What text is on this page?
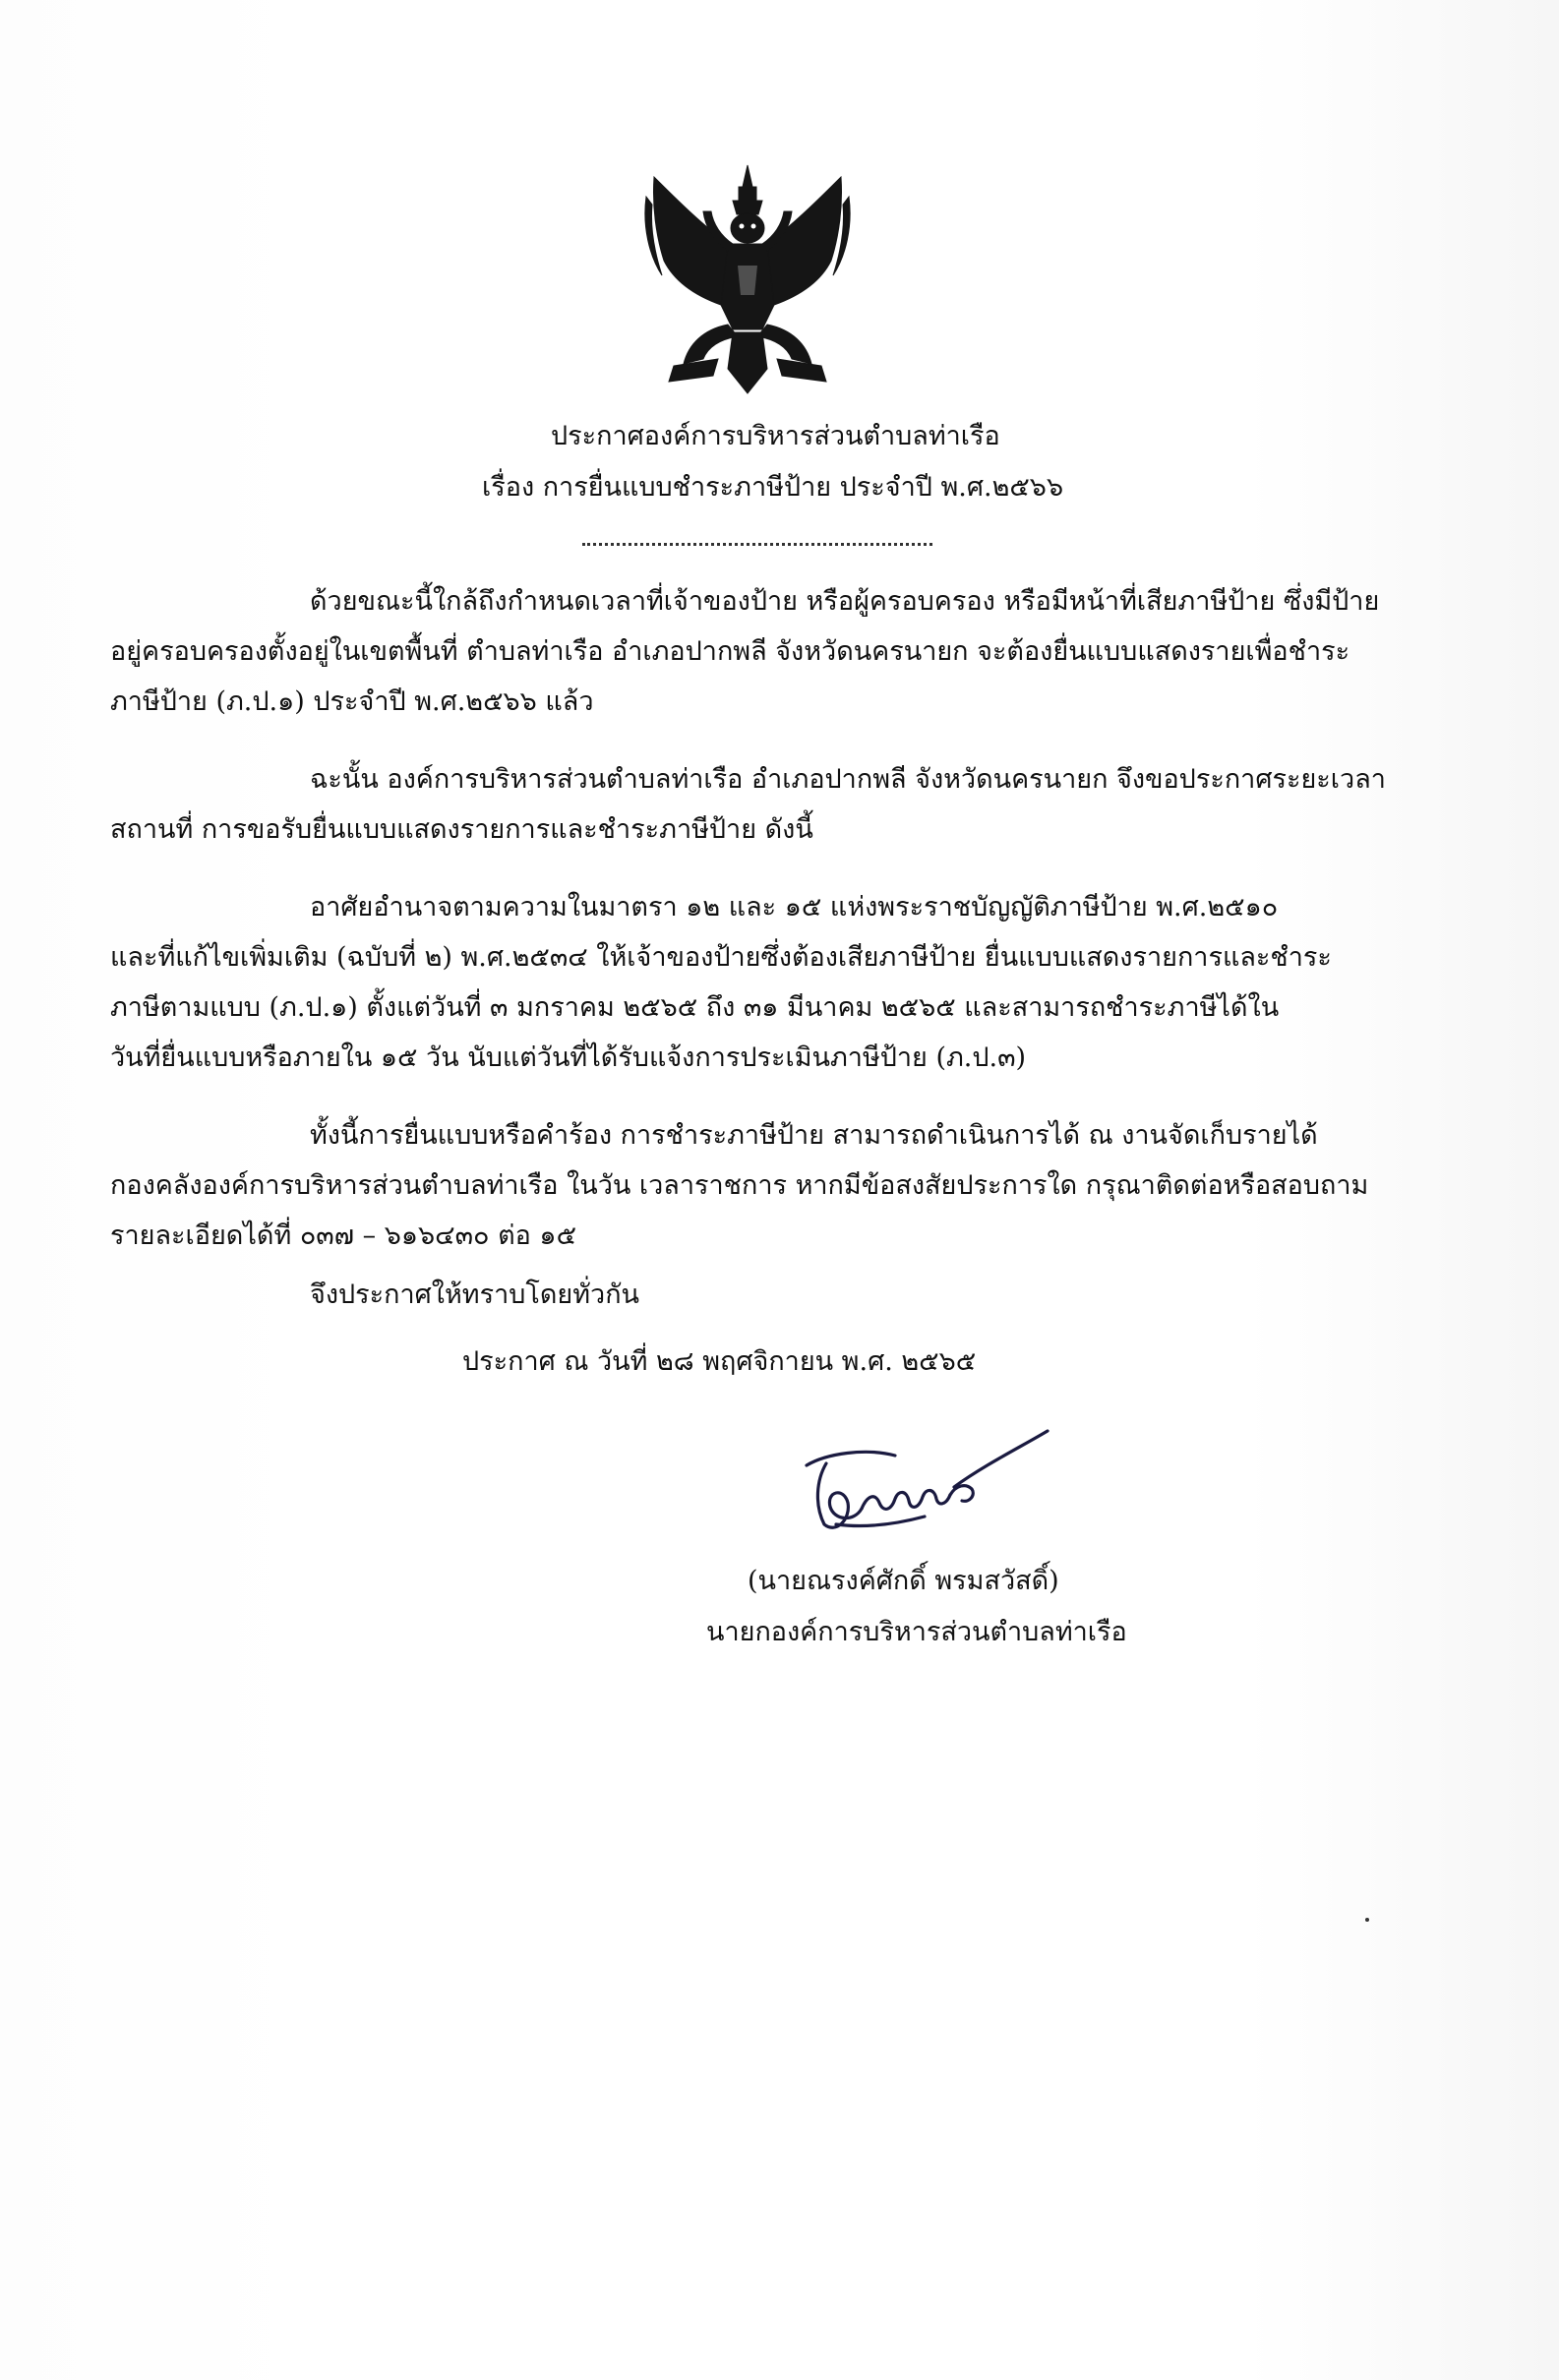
ประกาศองค์การบริหารส่วนตำบลท่าเรือ
เรื่อง การยื่นแบบชำระภาษีป้าย ประจำปี พ.ศ.๒๕๖๖
ด้วยขณะนี้ใกล้ถึงกำหนดเวลาที่เจ้าของป้าย หรือผู้ครอบครอง หรือมีหน้าที่เสียภาษีป้าย ซึ่งมีป้าย
อยู่ครอบครองตั้งอยู่ในเขตพื้นที่ ตำบลท่าเรือ อำเภอปากพลี จังหวัดนครนายก จะต้องยื่นแบบแสดงรายเพื่อชำระ
ภาษีป้าย (ภ.ป.๑) ประจำปี พ.ศ.๒๕๖๖ แล้ว
ฉะนั้น องค์การบริหารส่วนตำบลท่าเรือ อำเภอปากพลี จังหวัดนครนายก จึงขอประกาศระยะเวลา
สถานที่ การขอรับยื่นแบบแสดงรายการและชำระภาษีป้าย ดังนี้
อาศัยอำนาจตามความในมาตรา ๑๒ และ ๑๕ แห่งพระราชบัญญัติภาษีป้าย พ.ศ.๒๕๑๐
และที่แก้ไขเพิ่มเติม (ฉบับที่ ๒) พ.ศ.๒๕๓๔ ให้เจ้าของป้ายซึ่งต้องเสียภาษีป้าย ยื่นแบบแสดงรายการและชำระ
ภาษีตามแบบ (ภ.ป.๑) ตั้งแต่วันที่ ๓ มกราคม ๒๕๖๕ ถึง ๓๑ มีนาคม ๒๕๖๕ และสามารถชำระภาษีได้ใน
วันที่ยื่นแบบหรือภายใน ๑๕ วัน นับแต่วันที่ได้รับแจ้งการประเมินภาษีป้าย (ภ.ป.๓)
ทั้งนี้การยื่นแบบหรือคำร้อง การชำระภาษีป้าย สามารถดำเนินการได้ ณ งานจัดเก็บรายได้
กองคลังองค์การบริหารส่วนตำบลท่าเรือ ในวัน เวลาราชการ หากมีข้อสงสัยประการใด กรุณาติดต่อหรือสอบถาม
รายละเอียดได้ที่ ๐๓๗ – ๖๑๖๔๓๐ ต่อ ๑๕
จึงประกาศให้ทราบโดยทั่วกัน
ประกาศ ณ วันที่ ๒๘ พฤศจิกายน พ.ศ. ๒๕๖๕
(นายณรงค์ศักดิ์ พรมสวัสดิ์)
นายกองค์การบริหารส่วนตำบลท่าเรือ
